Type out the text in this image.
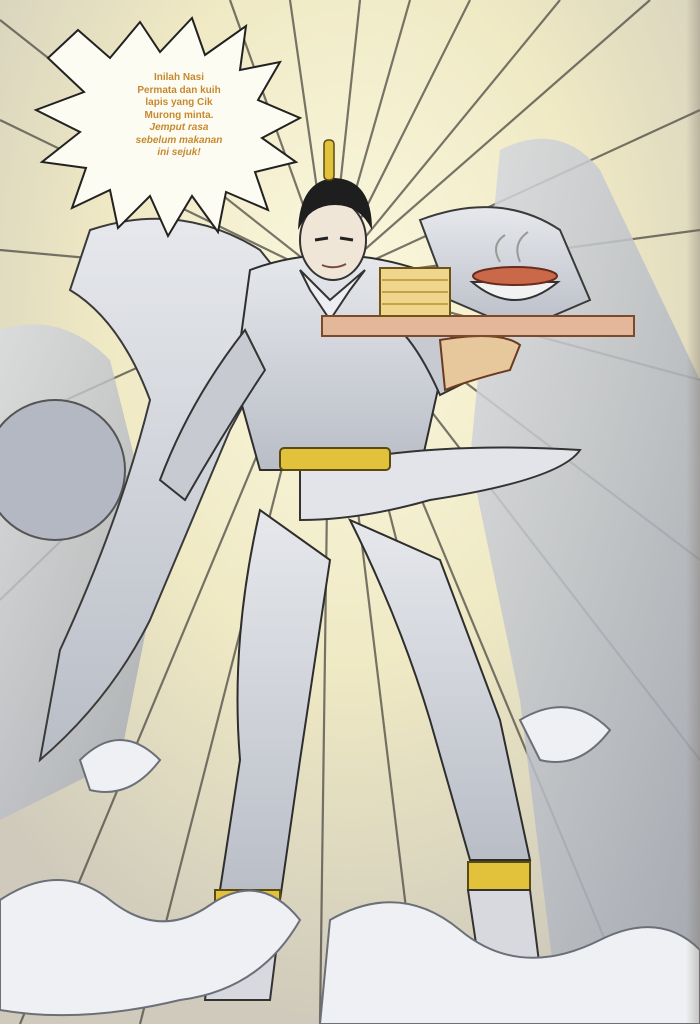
Inilah Nasi
Permata dan kuih
lapis yang Cik
Murong minta.
Jemput rasa
sebelum makanan
ini sejuk!
